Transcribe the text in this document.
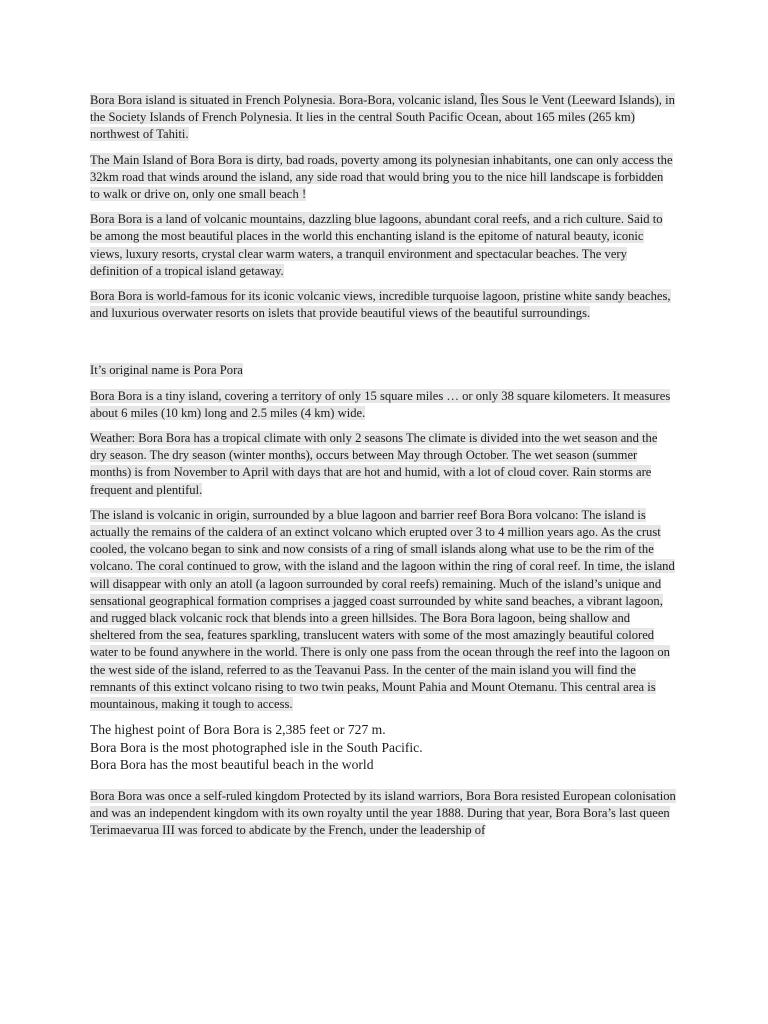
Bora Bora island is situated in French Polynesia. Bora-Bora, volcanic island, Îles Sous le Vent (Leeward Islands), in the Society Islands of French Polynesia. It lies in the central South Pacific Ocean, about 165 miles (265 km) northwest of Tahiti.

The Main Island of Bora Bora is dirty, bad roads, poverty among its polynesian inhabitants, one can only access the 32km road that winds around the island, any side road that would bring you to the nice hill landscape is forbidden to walk or drive on, only one small beach !

Bora Bora is a land of volcanic mountains, dazzling blue lagoons, abundant coral reefs, and a rich culture. Said to be among the most beautiful places in the world this enchanting island is the epitome of natural beauty, iconic views, luxury resorts, crystal clear warm waters, a tranquil environment and spectacular beaches. The very definition of a tropical island getaway.

Bora Bora is world-famous for its iconic volcanic views, incredible turquoise lagoon, pristine white sandy beaches, and luxurious overwater resorts on islets that provide beautiful views of the beautiful surroundings.

It’s original name is Pora Pora

Bora Bora is a tiny island, covering a territory of only 15 square miles … or only 38 square kilometers. It measures about 6 miles (10 km) long and 2.5 miles (4 km) wide.

Weather: Bora Bora has a tropical climate with only 2 seasons The climate is divided into the wet season and the dry season. The dry season (winter months), occurs between May through October. The wet season (summer months) is from November to April with days that are hot and humid, with a lot of cloud cover. Rain storms are frequent and plentiful.

The island is volcanic in origin, surrounded by a blue lagoon and barrier reef Bora Bora volcano: The island is actually the remains of the caldera of an extinct volcano which erupted over 3 to 4 million years ago. As the crust cooled, the volcano began to sink and now consists of a ring of small islands along what use to be the rim of the volcano. The coral continued to grow, with the island and the lagoon within the ring of coral reef. In time, the island will disappear with only an atoll (a lagoon surrounded by coral reefs) remaining. Much of the island’s unique and sensational geographical formation comprises a jagged coast surrounded by white sand beaches, a vibrant lagoon, and rugged black volcanic rock that blends into a green hillsides. The Bora Bora lagoon, being shallow and sheltered from the sea, features sparkling, translucent waters with some of the most amazingly beautiful colored water to be found anywhere in the world. There is only one pass from the ocean through the reef into the lagoon on the west side of the island, referred to as the Teavanui Pass. In the center of the main island you will find the remnants of this extinct volcano rising to two twin peaks, Mount Pahia and Mount Otemanu. This central area is mountainous, making it tough to access.

The highest point of Bora Bora is 2,385 feet or 727 m.

Bora Bora is the most photographed isle in the South Pacific.

Bora Bora has the most beautiful beach in the world

Bora Bora was once a self-ruled kingdom Protected by its island warriors, Bora Bora resisted European colonisation and was an independent kingdom with its own royalty until the year 1888. During that year, Bora Bora’s last queen Terimaevarua III was forced to abdicate by the French, under the leadership of
